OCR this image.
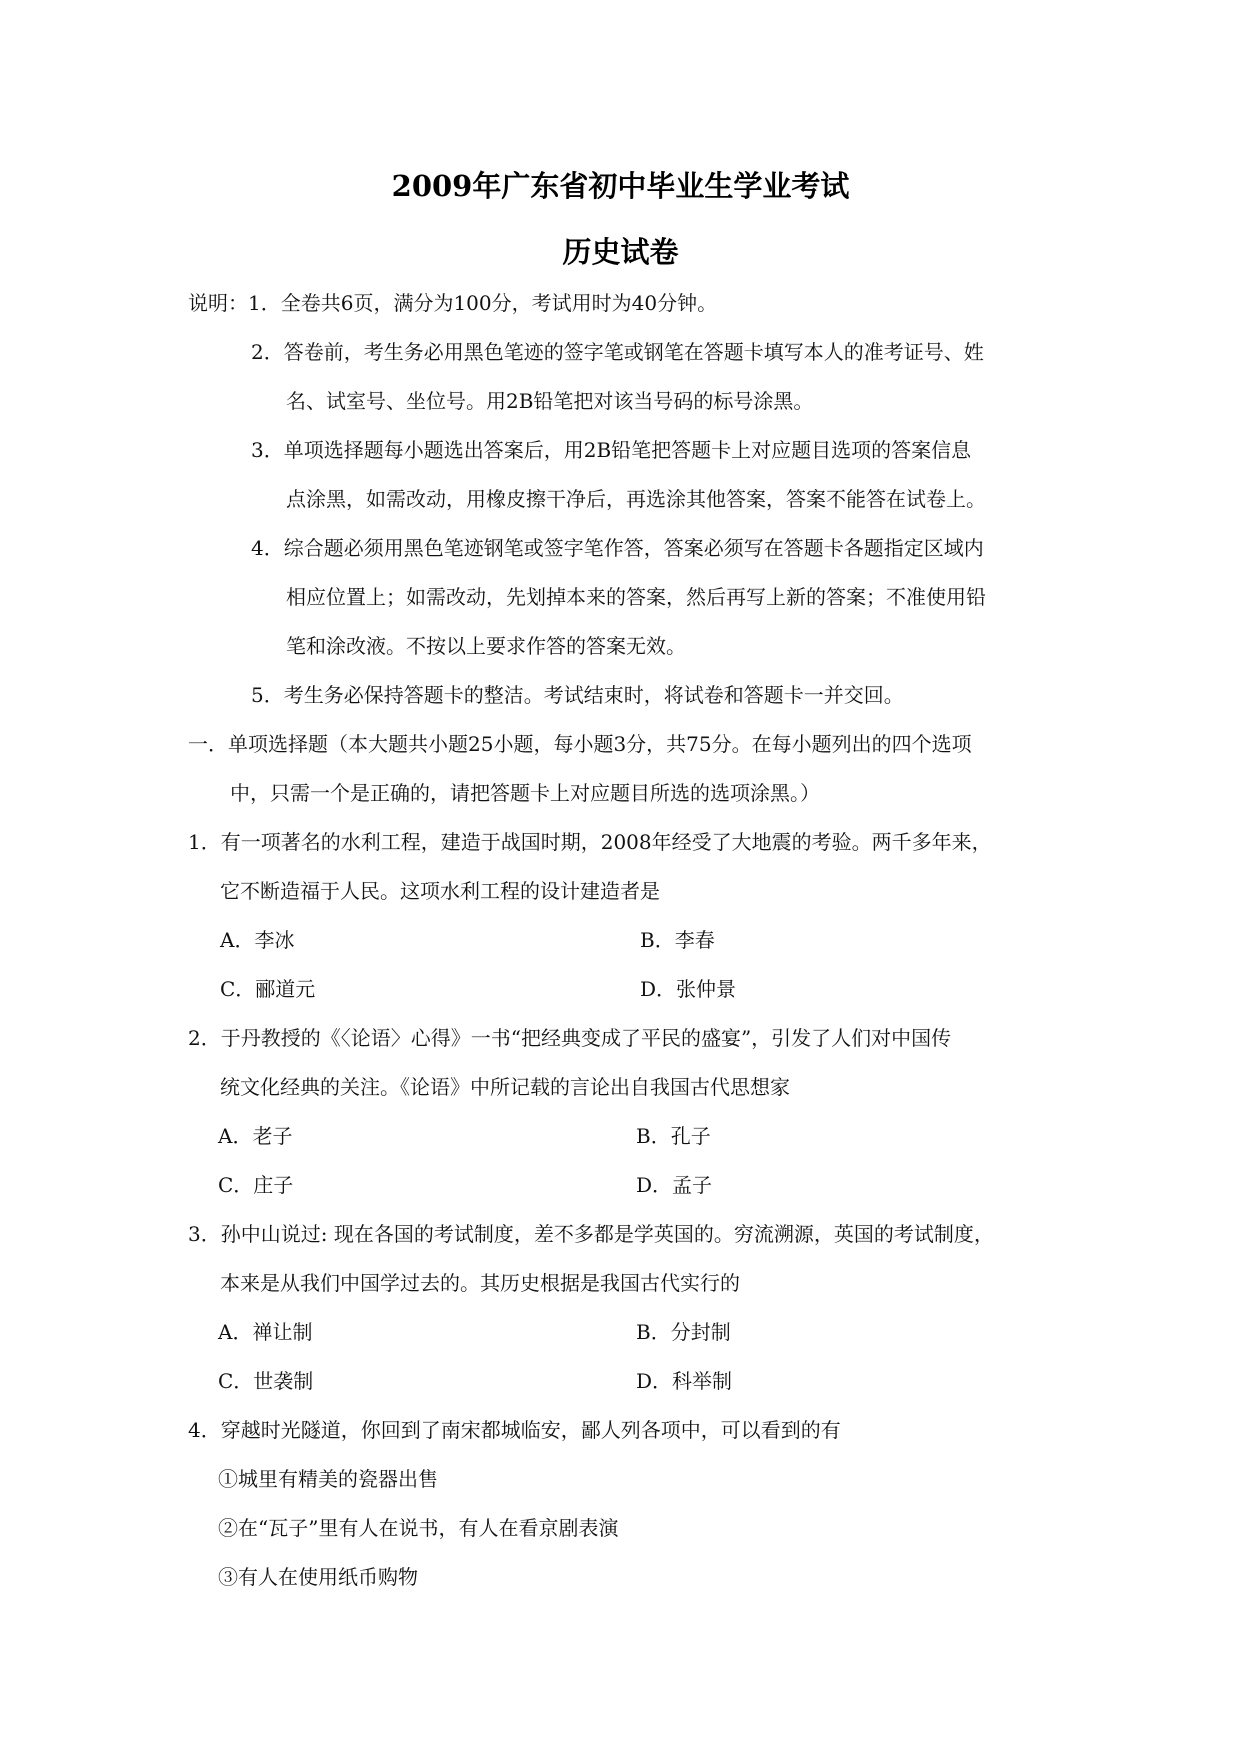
2009年广东省初中毕业生学业考试
历史试卷
说明：1．全卷共6页，满分为100分，考试用时为40分钟。
2．答卷前，考生务必用黑色笔迹的签字笔或钢笔在答题卡填写本人的准考证号、姓
名、试室号、坐位号。用2B铅笔把对该当号码的标号涂黑。
3．单项选择题每小题选出答案后，用2B铅笔把答题卡上对应题目选项的答案信息
点涂黑，如需改动，用橡皮擦干净后，再选涂其他答案，答案不能答在试卷上。
4．综合题必须用黑色笔迹钢笔或签字笔作答，答案必须写在答题卡各题指定区域内
相应位置上；如需改动，先划掉本来的答案，然后再写上新的答案；不准使用铅
笔和涂改液。不按以上要求作答的答案无效。
5．考生务必保持答题卡的整洁。考试结束时，将试卷和答题卡一并交回。
一．单项选择题（本大题共小题25小题，每小题3分，共75分。在每小题列出的四个选项
中，只需一个是正确的，请把答题卡上对应题目所选的选项涂黑。）
1．有一项著名的水利工程，建造于战国时期，2008年经受了大地震的考验。两千多年来，
它不断造福于人民。这项水利工程的设计建造者是
A．李冰	B．李春
C．郦道元	D．张仲景
2．于丹教授的《〈论语〉心得》一书“把经典变成了平民的盛宴”，引发了人们对中国传
统文化经典的关注。《论语》中所记载的言论出自我国古代思想家
A．老子	B．孔子
C．庄子	D．孟子
3．孙中山说过: 现在各国的考试制度，差不多都是学英国的。穷流溯源，英国的考试制度，
本来是从我们中国学过去的。其历史根据是我国古代实行的
A．禅让制	B．分封制
C．世袭制	D．科举制
4．穿越时光隧道，你回到了南宋都城临安，鄙人列各项中，可以看到的有
①城里有精美的瓷器出售
②在“瓦子”里有人在说书，有人在看京剧表演
③有人在使用纸币购物
